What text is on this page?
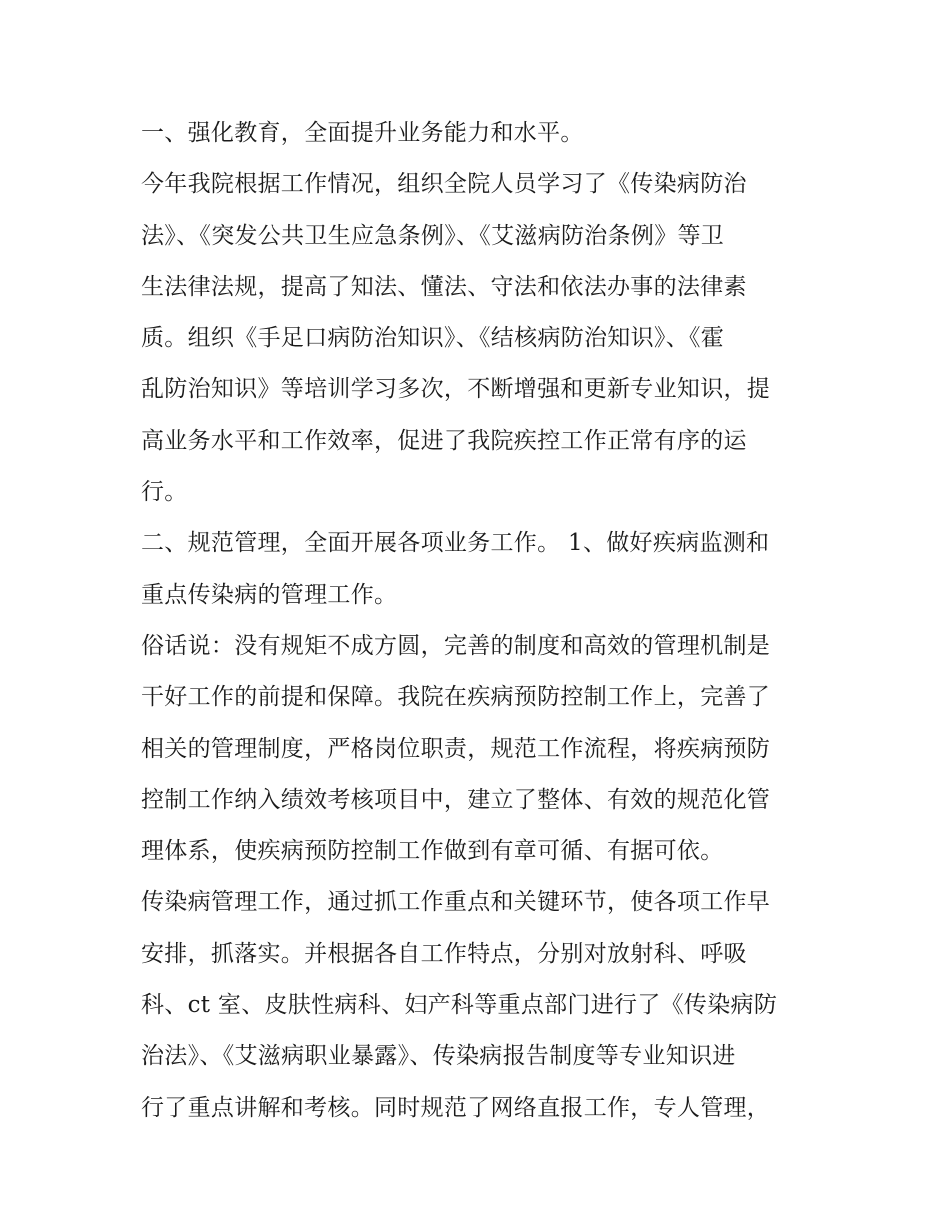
一、强化教育，全面提升业务能力和水平。
今年我院根据工作情况，组织全院人员学习了《传染病防治
法》、《突发公共卫生应急条例》、《艾滋病防治条例》等卫
生法律法规，提高了知法、懂法、守法和依法办事的法律素
质。组织《手足口病防治知识》、《结核病防治知识》、《霍
乱防治知识》等培训学习多次，不断增强和更新专业知识，提
高业务水平和工作效率，促进了我院疾控工作正常有序的运
行。
二、规范管理，全面开展各项业务工作。 1、做好疾病监测和
重点传染病的管理工作。
俗话说：没有规矩不成方圆，完善的制度和高效的管理机制是
干好工作的前提和保障。我院在疾病预防控制工作上，完善了
相关的管理制度，严格岗位职责，规范工作流程，将疾病预防
控制工作纳入绩效考核项目中，建立了整体、有效的规范化管
理体系，使疾病预防控制工作做到有章可循、有据可依。
传染病管理工作，通过抓工作重点和关键环节，使各项工作早
安排，抓落实。并根据各自工作特点，分别对放射科、呼吸
科、ct 室、皮肤性病科、妇产科等重点部门进行了《传染病防
治法》、《艾滋病职业暴露》、传染病报告制度等专业知识进
行了重点讲解和考核。同时规范了网络直报工作，专人管理，
